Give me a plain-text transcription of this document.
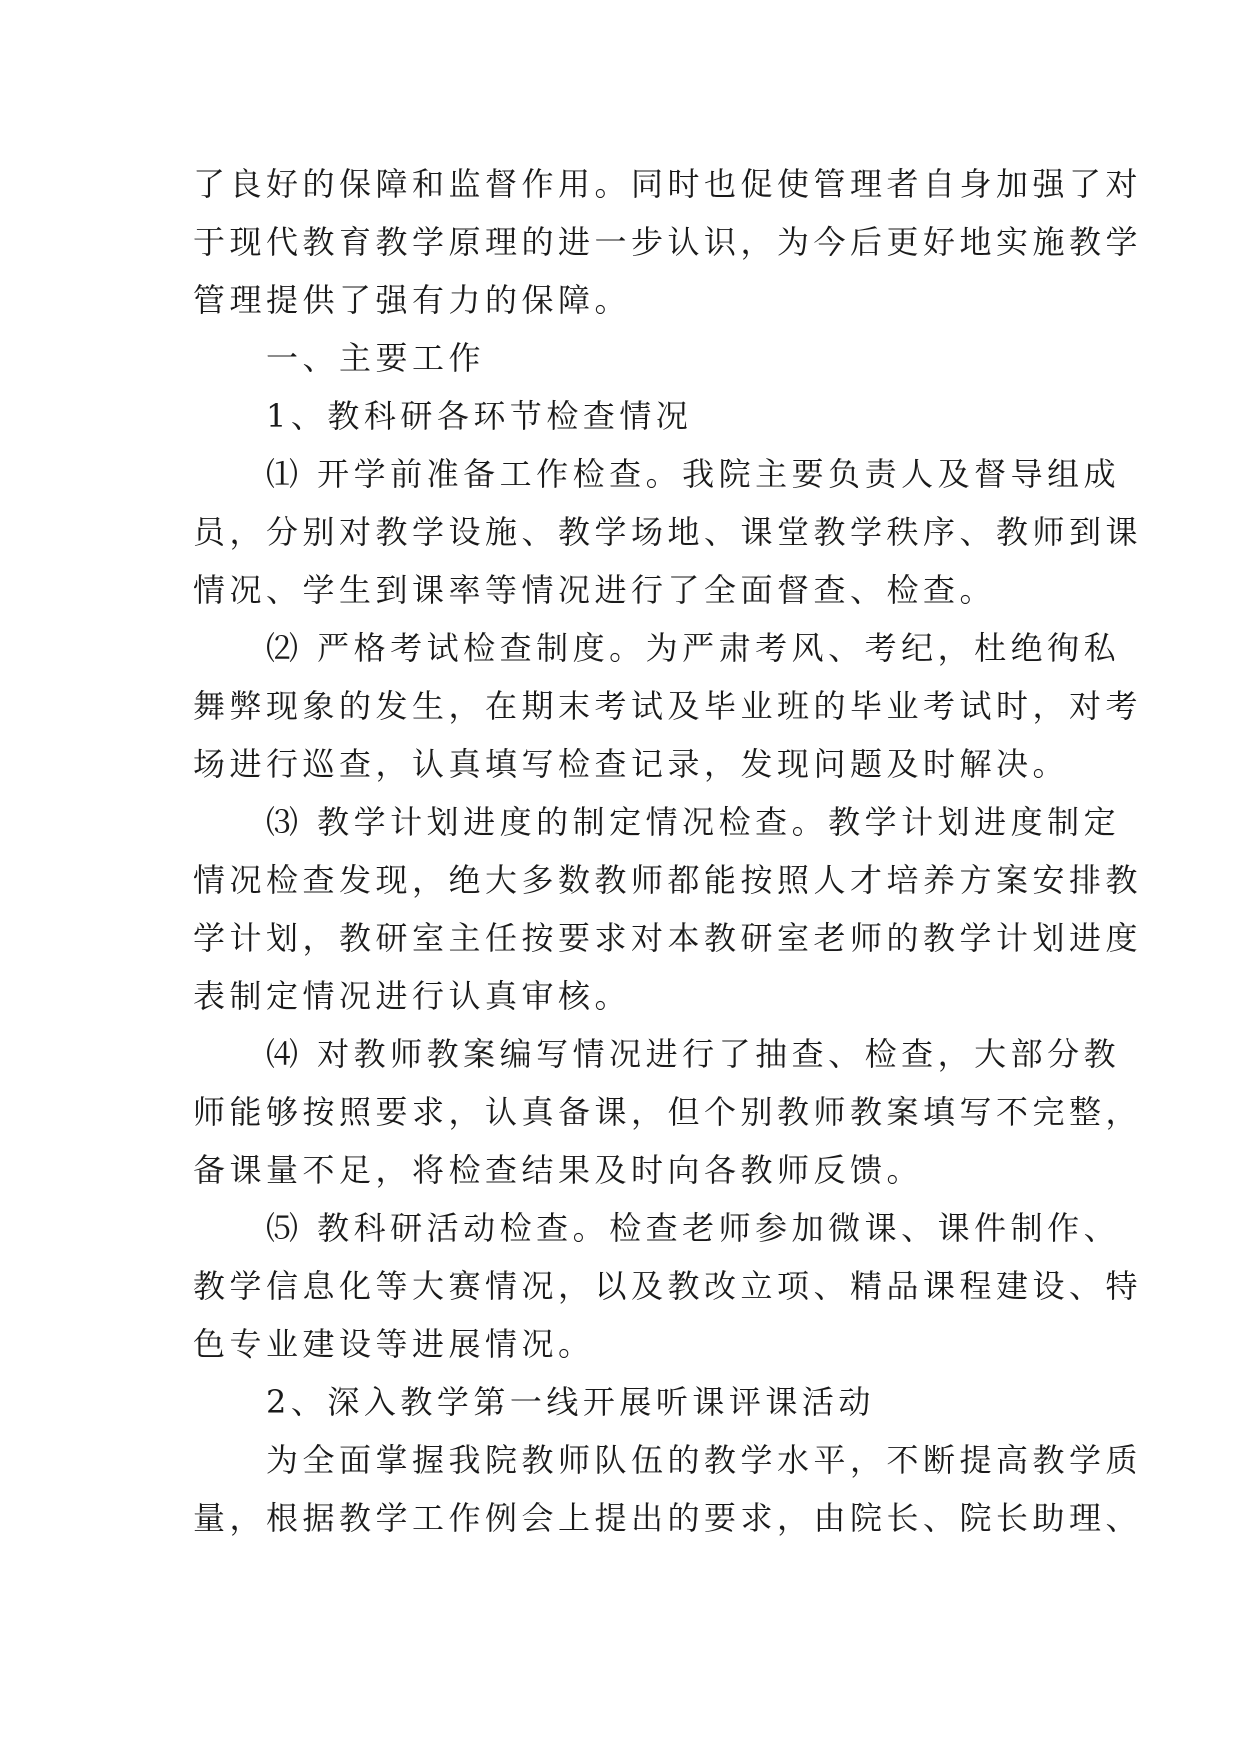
了良好的保障和监督作用。同时也促使管理者自身加强了对
于现代教育教学原理的进一步认识，为今后更好地实施教学
管理提供了强有力的保障。
　　一、主要工作
　　1、教科研各环节检查情况
　　⑴ 开学前准备工作检查。我院主要负责人及督导组成
员，分别对教学设施、教学场地、课堂教学秩序、教师到课
情况、学生到课率等情况进行了全面督查、检查。
　　⑵ 严格考试检查制度。为严肃考风、考纪，杜绝徇私
舞弊现象的发生，在期末考试及毕业班的毕业考试时，对考
场进行巡查，认真填写检查记录，发现问题及时解决。
　　⑶ 教学计划进度的制定情况检查。教学计划进度制定
情况检查发现，绝大多数教师都能按照人才培养方案安排教
学计划，教研室主任按要求对本教研室老师的教学计划进度
表制定情况进行认真审核。
　　⑷ 对教师教案编写情况进行了抽查、检查，大部分教
师能够按照要求，认真备课，但个别教师教案填写不完整，
备课量不足，将检查结果及时向各教师反馈。
　　⑸ 教科研活动检查。检查老师参加微课、课件制作、
教学信息化等大赛情况，以及教改立项、精品课程建设、特
色专业建设等进展情况。
　　2、深入教学第一线开展听课评课活动
　　为全面掌握我院教师队伍的教学水平，不断提高教学质
量，根据教学工作例会上提出的要求，由院长、院长助理、
